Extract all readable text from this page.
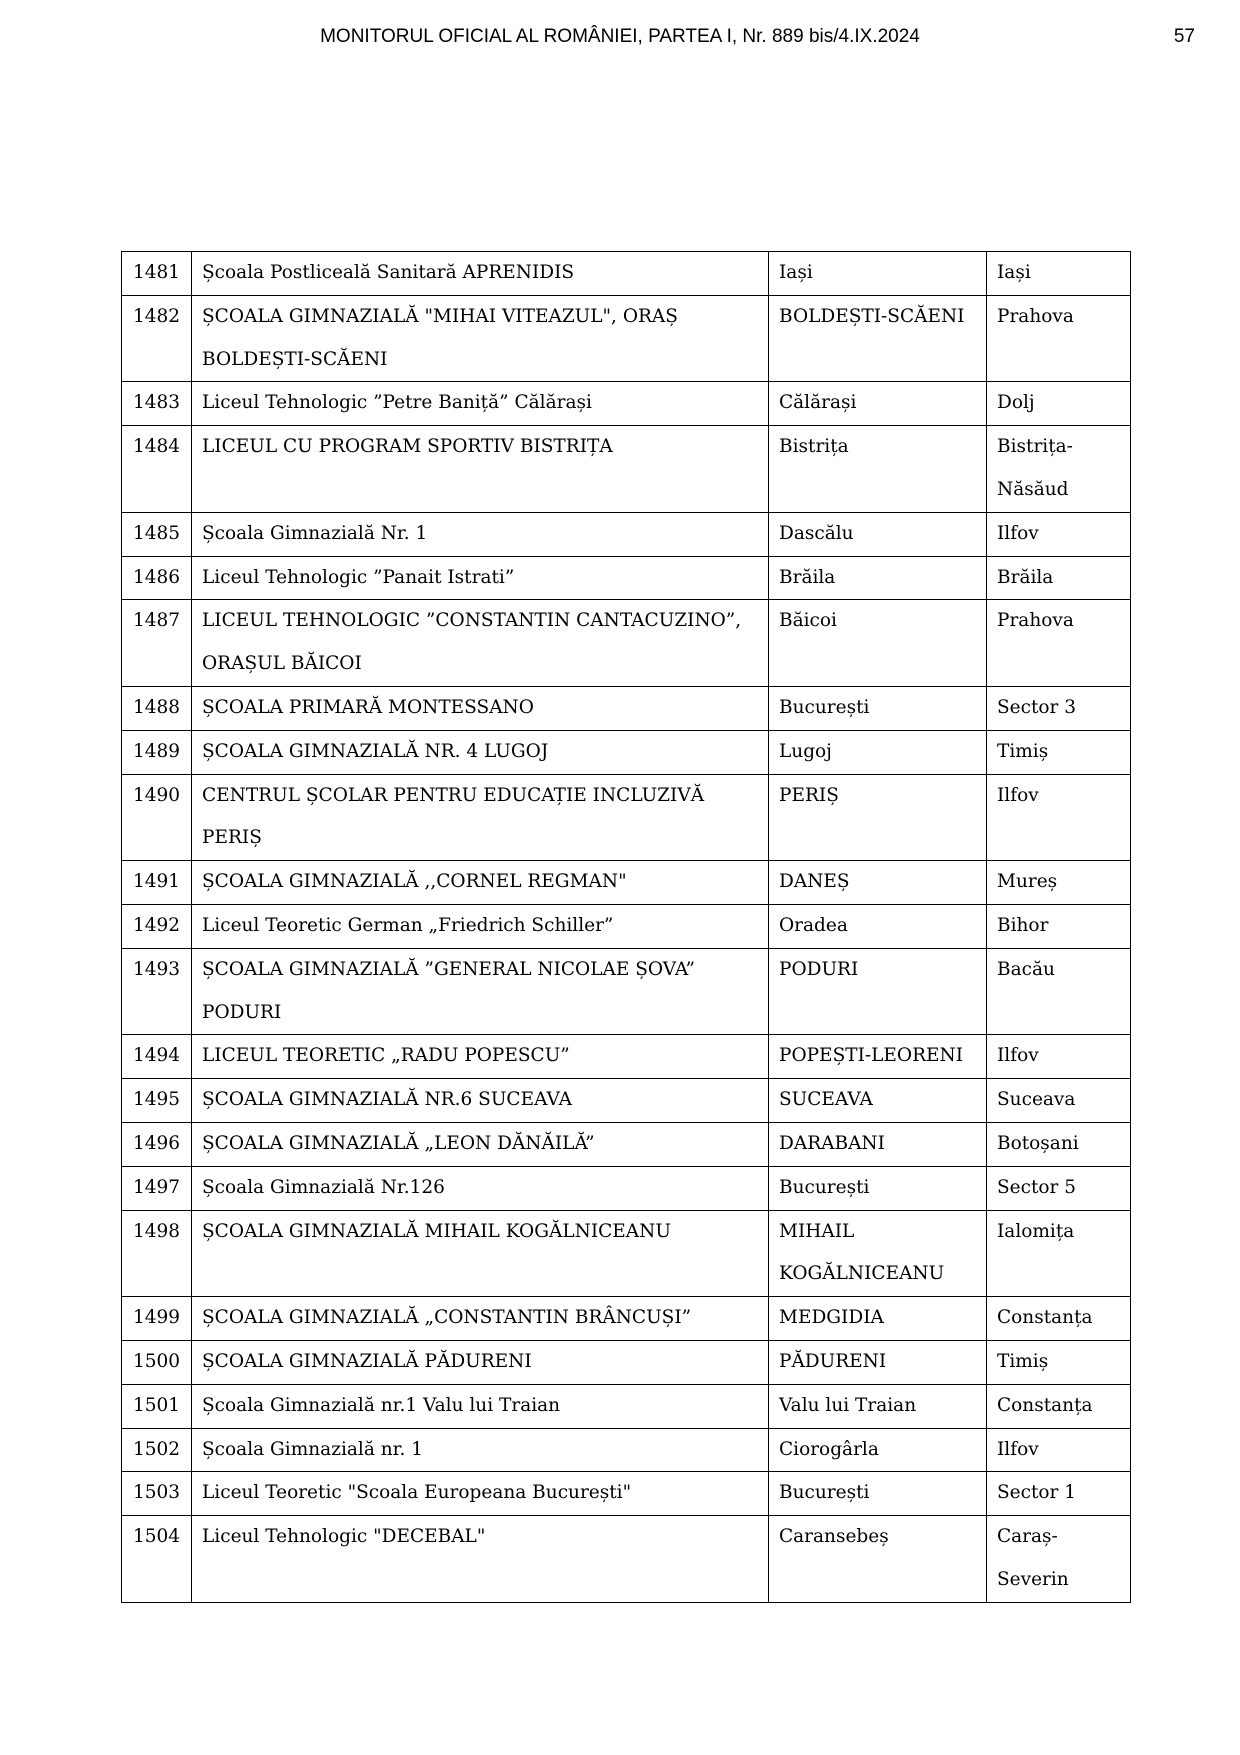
MONITORUL OFICIAL AL ROMÂNIEI, PARTEA I, Nr. 889 bis/4.IX.2024	57
1481	Școala Postliceală Sanitară APRENIDIS	Iași	Iași
1482	ȘCOALA GIMNAZIALĂ "MIHAI VITEAZUL", ORAȘ BOLDEȘTI-SCĂENI	BOLDEȘTI-SCĂENI	Prahova
1483	Liceul Tehnologic ”Petre Baniță” Călărași	Călărași	Dolj
1484	LICEUL CU PROGRAM SPORTIV BISTRIȚA	Bistrița	Bistrița-Năsăud
1485	Școala Gimnazială Nr. 1	Dascălu	Ilfov
1486	Liceul Tehnologic ”Panait Istrati”	Brăila	Brăila
1487	LICEUL TEHNOLOGIC ”CONSTANTIN CANTACUZINO”, ORAȘUL BĂICOI	Băicoi	Prahova
1488	ȘCOALA PRIMARĂ MONTESSANO	București	Sector 3
1489	ȘCOALA GIMNAZIALĂ NR. 4 LUGOJ	Lugoj	Timiș
1490	CENTRUL ȘCOLAR PENTRU EDUCAȚIE INCLUZIVĂ PERIȘ	PERIȘ	Ilfov
1491	ȘCOALA GIMNAZIALĂ ,,CORNEL REGMAN"	DANEȘ	Mureș
1492	Liceul Teoretic German „Friedrich Schiller”	Oradea	Bihor
1493	ȘCOALA GIMNAZIALĂ ”GENERAL NICOLAE ȘOVA” PODURI	PODURI	Bacău
1494	LICEUL TEORETIC „RADU POPESCU”	POPEȘTI-LEORENI	Ilfov
1495	ȘCOALA GIMNAZIALĂ NR.6 SUCEAVA	SUCEAVA	Suceava
1496	ȘCOALA GIMNAZIALĂ „LEON DĂNĂILĂ”	DARABANI	Botoșani
1497	Școala Gimnazială Nr.126	București	Sector 5
1498	ȘCOALA GIMNAZIALĂ MIHAIL KOGĂLNICEANU	MIHAIL KOGĂLNICEANU	Ialomița
1499	ȘCOALA GIMNAZIALĂ „CONSTANTIN BRÂNCUȘI”	MEDGIDIA	Constanța
1500	ȘCOALA GIMNAZIALĂ PĂDURENI	PĂDURENI	Timiș
1501	Școala Gimnazială nr.1 Valu lui Traian	Valu lui Traian	Constanța
1502	Școala Gimnazială nr. 1	Ciorogârla	Ilfov
1503	Liceul Teoretic "Scoala Europeana București"	București	Sector 1
1504	Liceul Tehnologic "DECEBAL"	Caransebeș	Caraș-Severin
